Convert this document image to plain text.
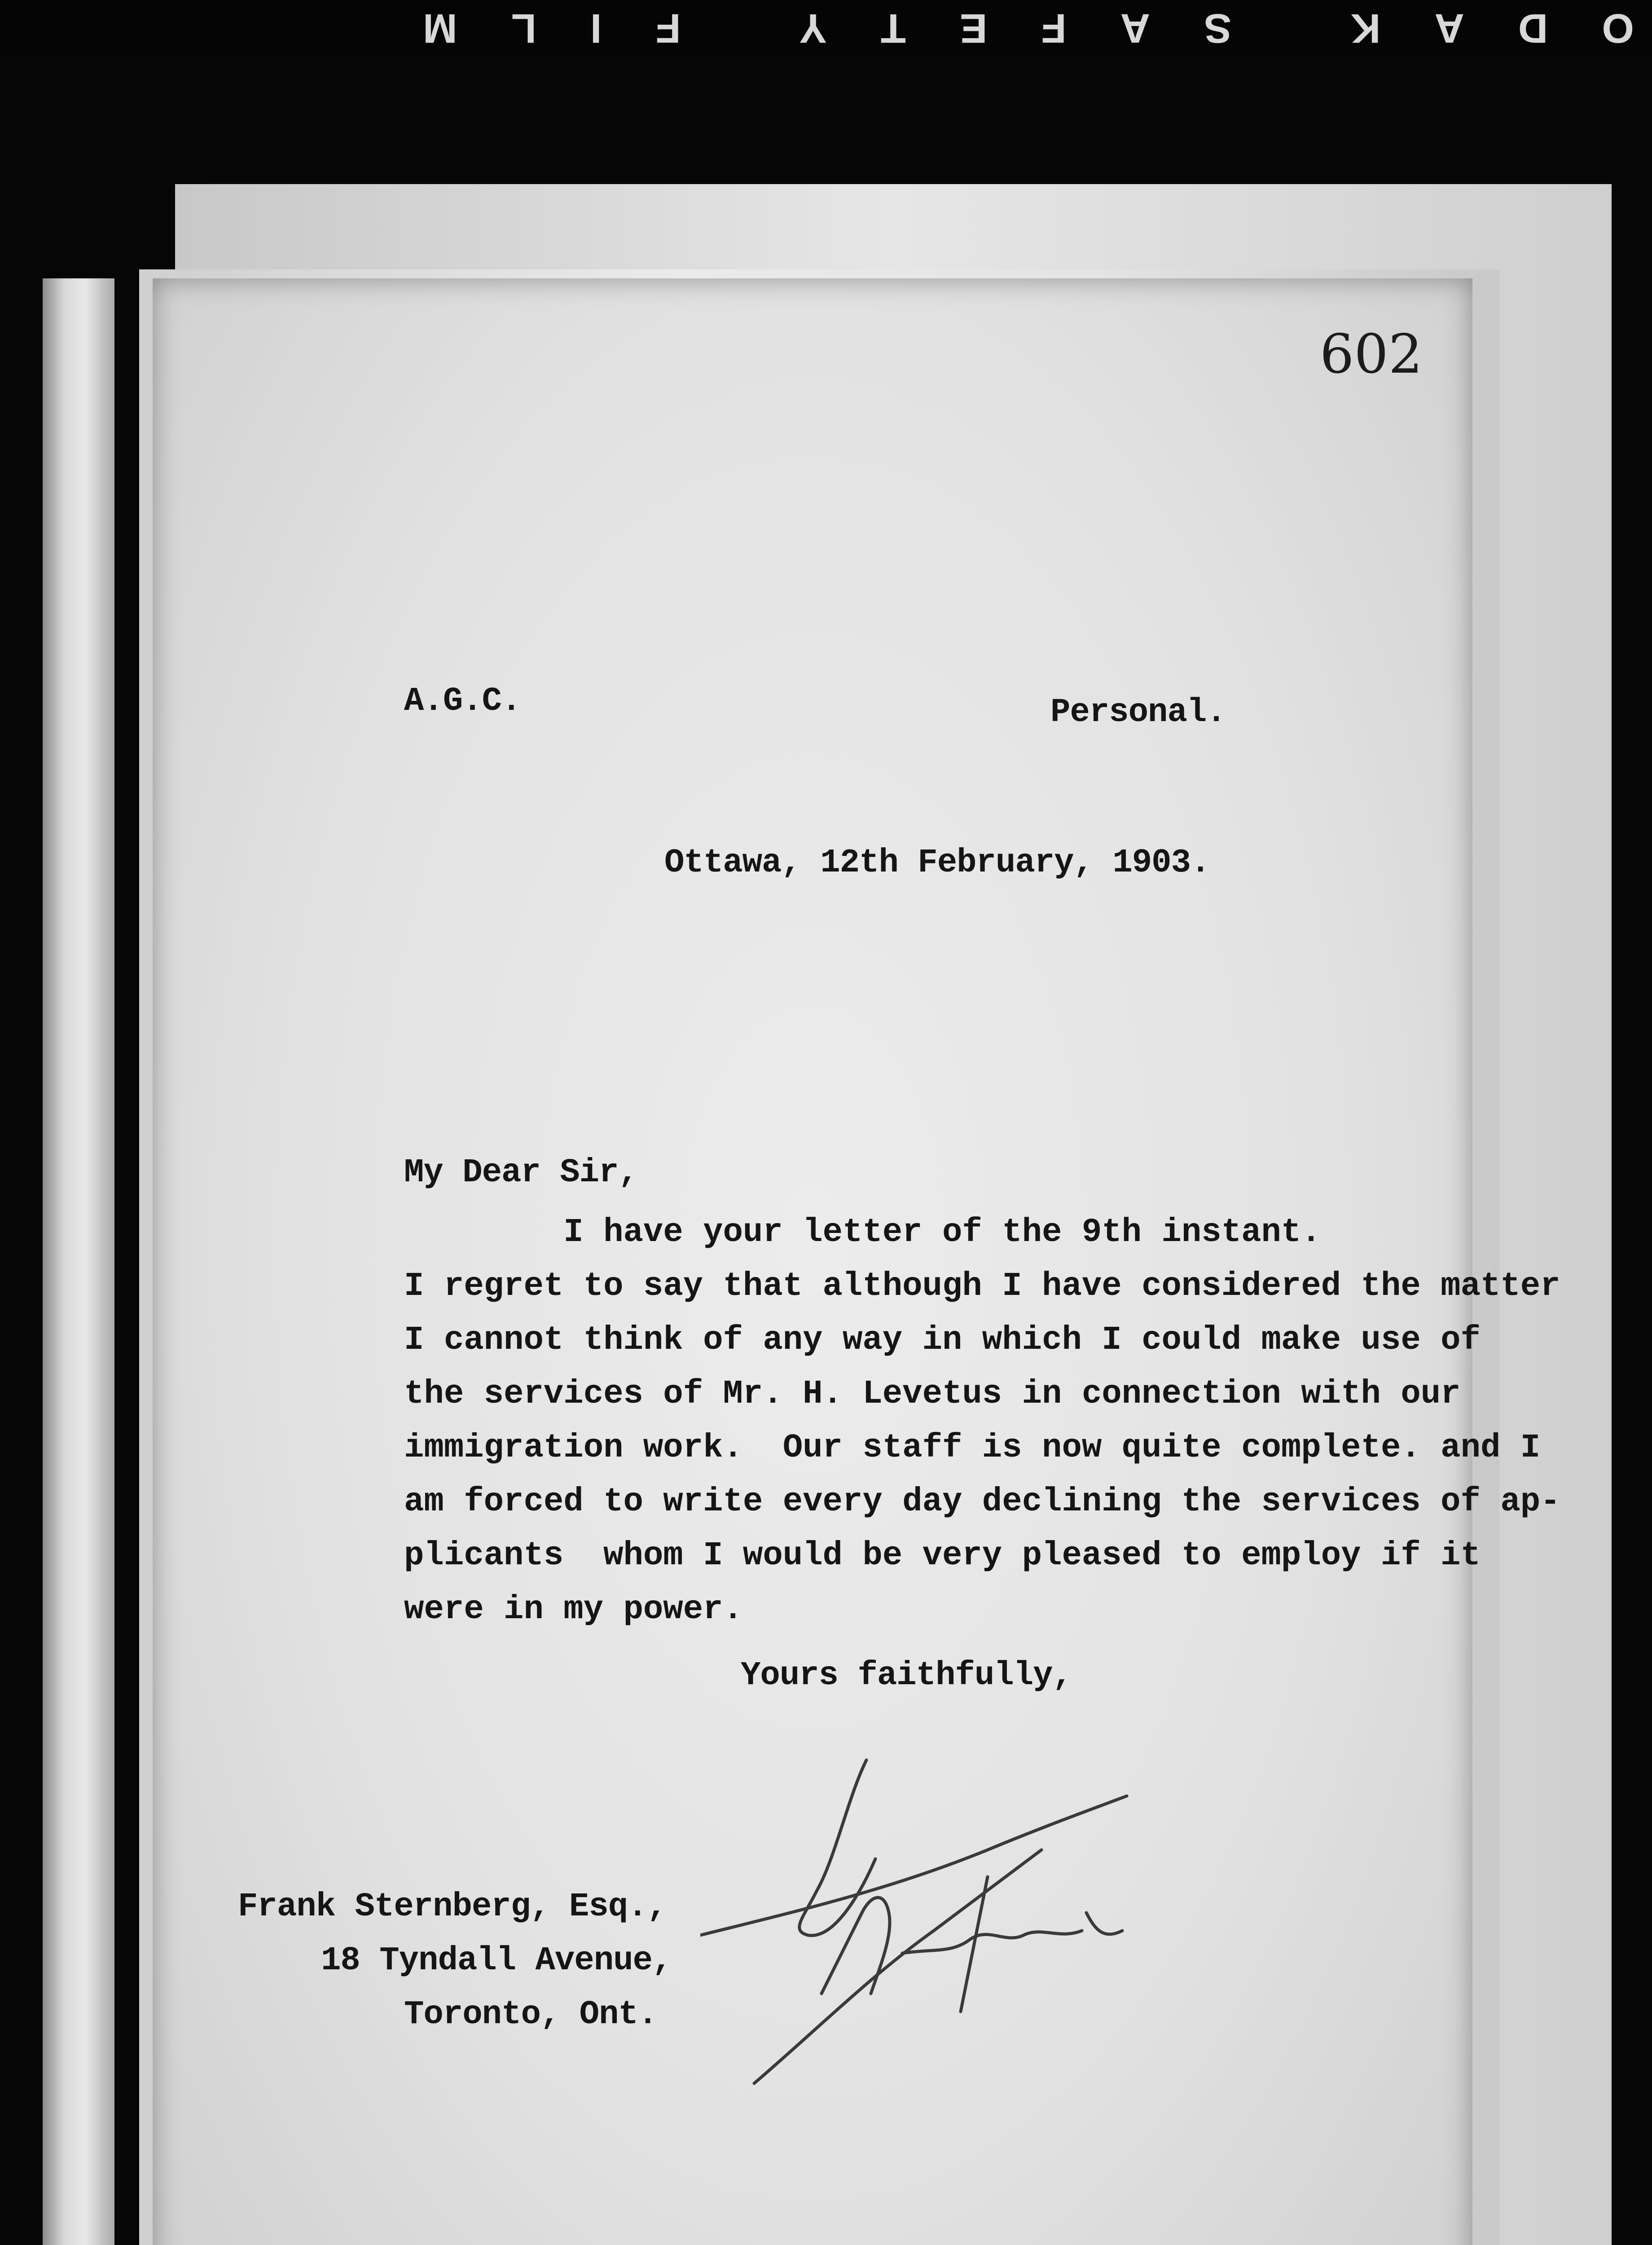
ODAK SAFETY FILM
602
A.G.C.	Personal.
Ottawa, 12th February, 1903.
My Dear Sir,
I have your letter of the 9th instant.
I regret to say that although I have considered the matter
I cannot think of any way in which I could make use of
the services of Mr. H. Levetus in connection with our
immigration work.  Our staff is now quite complete. and I
am forced to write every day declining the services of ap-
plicants  whom I would be very pleased to employ if it
were in my power.
Yours faithfully,
Frank Sternberg, Esq.,
18 Tyndall Avenue,
Toronto, Ont.
